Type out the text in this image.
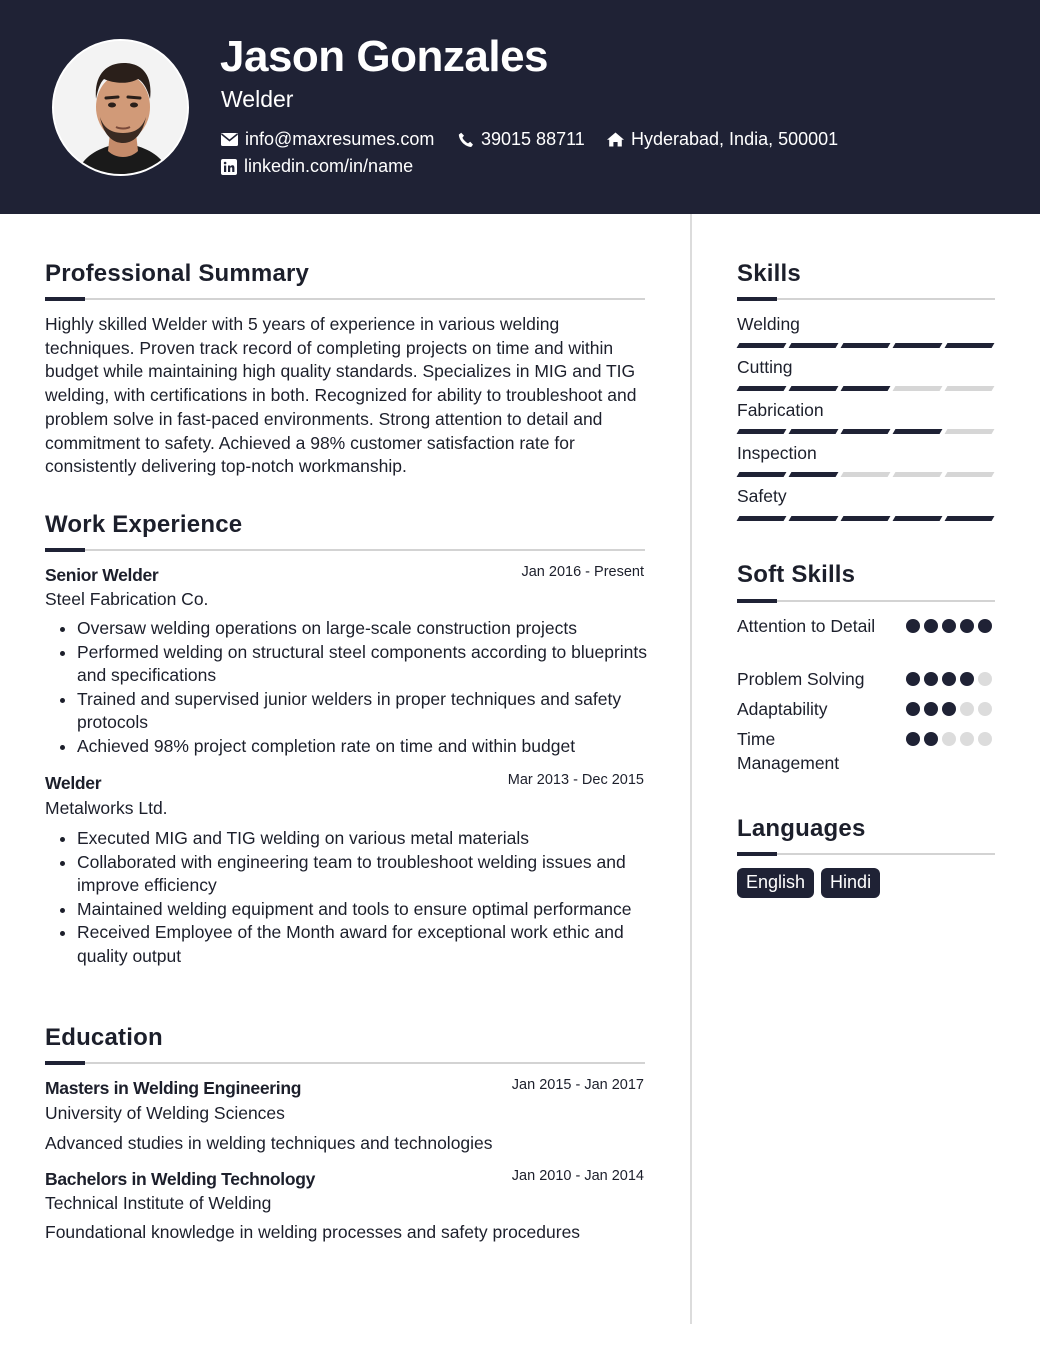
Jason Gonzales
Welder
info@maxresumes.com	39015 88711	Hyderabad, India, 500001
linkedin.com/in/name
Professional Summary
Highly skilled Welder with 5 years of experience in various welding techniques. Proven track record of completing projects on time and within budget while maintaining high quality standards. Specializes in MIG and TIG welding, with certifications in both. Recognized for ability to troubleshoot and problem solve in fast-paced environments. Strong attention to detail and commitment to safety. Achieved a 98% customer satisfaction rate for consistently delivering top-notch workmanship.
Work Experience
Senior Welder	Jan 2016 - Present
Steel Fabrication Co.
Oversaw welding operations on large-scale construction projects
Performed welding on structural steel components according to blueprints and specifications
Trained and supervised junior welders in proper techniques and safety protocols
Achieved 98% project completion rate on time and within budget
Welder	Mar 2013 - Dec 2015
Metalworks Ltd.
Executed MIG and TIG welding on various metal materials
Collaborated with engineering team to troubleshoot welding issues and improve efficiency
Maintained welding equipment and tools to ensure optimal performance
Received Employee of the Month award for exceptional work ethic and quality output
Education
Masters in Welding Engineering	Jan 2015 - Jan 2017
University of Welding Sciences
Advanced studies in welding techniques and technologies
Bachelors in Welding Technology	Jan 2010 - Jan 2014
Technical Institute of Welding
Foundational knowledge in welding processes and safety procedures
Skills
Welding
Cutting
Fabrication
Inspection
Safety
Soft Skills
Attention to Detail
Problem Solving
Adaptability
Time Management
Languages
English	Hindi
